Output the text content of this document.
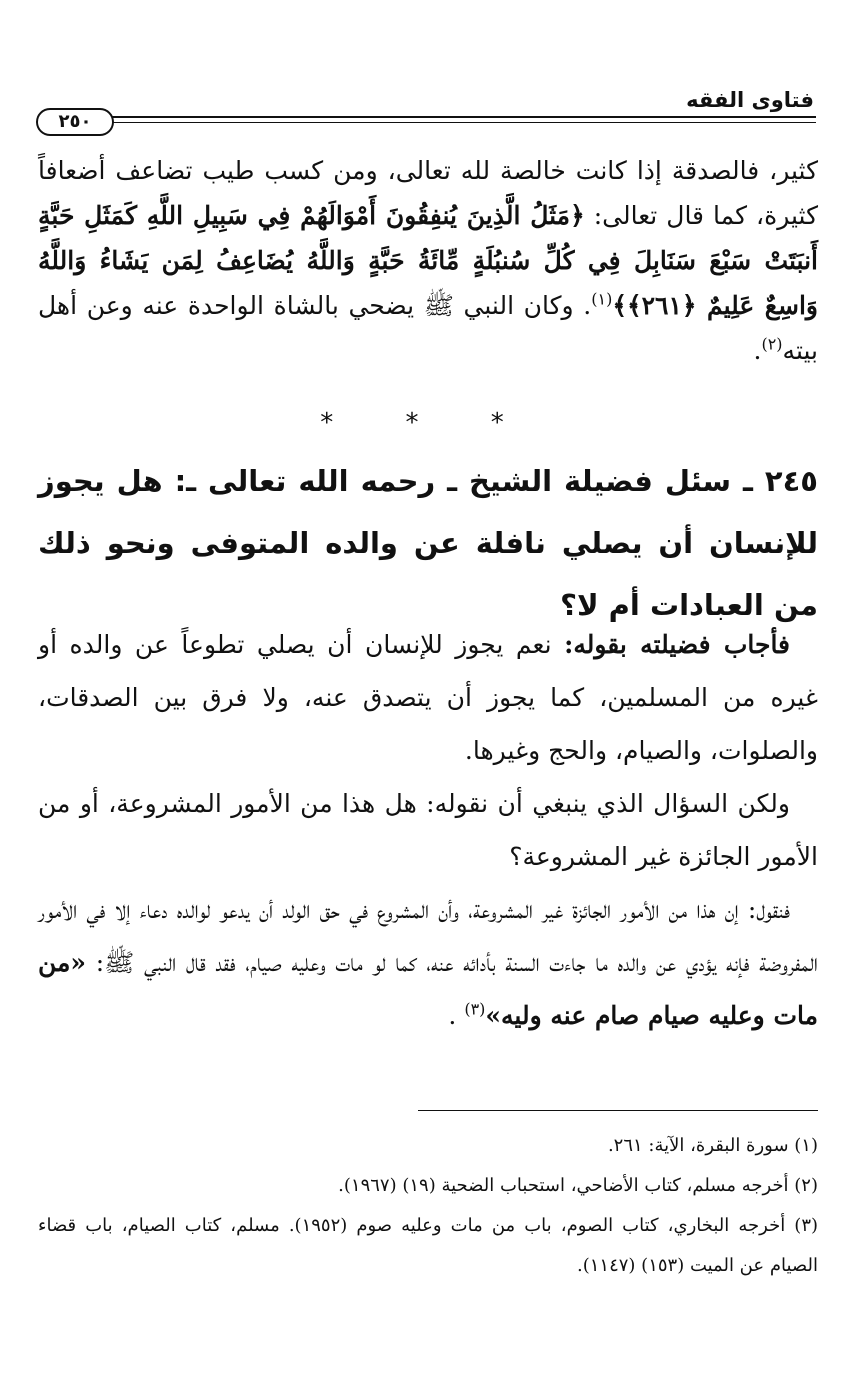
فتاوى الفقه
٢٥٠
كثير، فالصدقة إذا كانت خالصة لله تعالى، ومن كسب طيب تضاعف أضعافاً كثيرة، كما قال تعالى: ﴿مَثَلُ الَّذِينَ يُنفِقُونَ أَمْوَالَهُمْ فِي سَبِيلِ اللَّهِ كَمَثَلِ حَبَّةٍ أَنبَتَتْ سَبْعَ سَنَابِلَ فِي كُلِّ سُنبُلَةٍ مِّائَةُ حَبَّةٍ وَاللَّهُ يُضَاعِفُ لِمَن يَشَاءُ وَاللَّهُ وَاسِعٌ عَلِيمٌ ﴿٢٦١﴾﴾$^{(١)}$. وكان النبي ﷺ يضحي بالشاة الواحدة عنه وعن أهل بيته$^{(٢)}$.
* * *
٢٤٥ ـ سئل فضيلة الشيخ ـ رحمه الله تعالى ـ: هل يجوز للإنسان أن يصلي نافلة عن والده المتوفى ونحو ذلك من العبادات أم لا؟

فأجاب فضيلته بقوله: نعم يجوز للإنسان أن يصلي تطوعاً عن والده أو غيره من المسلمين، كما يجوز أن يتصدق عنه، ولا فرق بين الصدقات، والصلوات، والصيام، والحج وغيرها.

ولكن السؤال الذي ينبغي أن نقوله: هل هذا من الأمور المشروعة، أو من الأمور الجائزة غير المشروعة؟

فنقول: إن هذا من الأمور الجائزة غير المشروعة، وأن المشروع في حق الولد أن يدعو لوالده دعاء إلا في الأمور المفروضة فإنه يؤدي عن والده ما جاءت السنة بأدائه عنه، كما لو مات وعليه صيام، فقد قال النبي ﷺ: «من مات وعليه صيام صام عنه وليه»$^{(٣)}$ .

(١) سورة البقرة، الآية: ٢٦١.

(٢) أخرجه مسلم، كتاب الأضاحي، استحباب الضحية (١٩) (١٩٦٧).

(٣) أخرجه البخاري، كتاب الصوم، باب من مات وعليه صوم (١٩٥٢). مسلم، كتاب الصيام، باب قضاء الصيام عن الميت (١٥٣) (١١٤٧).
